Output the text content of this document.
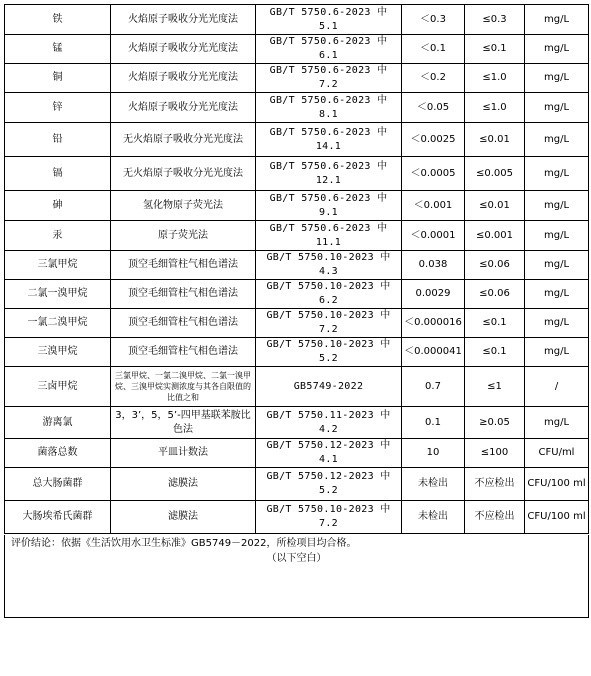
铁	火焰原子吸收分光光度法	GB/T 5750.6-2023 中 5.1	＜0.3	≤0.3	mg/L
锰	火焰原子吸收分光光度法	GB/T 5750.6-2023 中 6.1	＜0.1	≤0.1	mg/L
铜	火焰原子吸收分光光度法	GB/T 5750.6-2023 中 7.2	＜0.2	≤1.0	mg/L
锌	火焰原子吸收分光光度法	GB/T 5750.6-2023 中 8.1	＜0.05	≤1.0	mg/L
铅	无火焰原子吸收分光光度法	GB/T 5750.6-2023 中 14.1	＜0.0025	≤0.01	mg/L
镉	无火焰原子吸收分光光度法	GB/T 5750.6-2023 中 12.1	＜0.0005	≤0.005	mg/L
砷	氢化物原子荧光法	GB/T 5750.6-2023 中 9.1	＜0.001	≤0.01	mg/L
汞	原子荧光法	GB/T 5750.6-2023 中 11.1	＜0.0001	≤0.001	mg/L
三氯甲烷	顶空毛细管柱气相色谱法	GB/T 5750.10-2023 中 4.3	0.038	≤0.06	mg/L
二氯一溴甲烷	顶空毛细管柱气相色谱法	GB/T 5750.10-2023 中 6.2	0.0029	≤0.06	mg/L
一氯二溴甲烷	顶空毛细管柱气相色谱法	GB/T 5750.10-2023 中 7.2	＜0.000016	≤0.1	mg/L
三溴甲烷	顶空毛细管柱气相色谱法	GB/T 5750.10-2023 中 5.2	＜0.000041	≤0.1	mg/L
三卤甲烷	三氯甲烷、一氯二溴甲烷、二氯一溴甲烷、三溴甲烷实测浓度与其各自限值的比值之和	GB5749-2022	0.7	≤1	/
游离氯	3，3’，5，5’-四甲基联苯胺比色法	GB/T 5750.11-2023 中 4.2	0.1	≥0.05	mg/L
菌落总数	平皿计数法	GB/T 5750.12-2023 中 4.1	10	≤100	CFU/ml
总大肠菌群	滤膜法	GB/T 5750.12-2023 中 5.2	未检出	不应检出	CFU/100 ml
大肠埃希氏菌群	滤膜法	GB/T 5750.10-2023 中 7.2	未检出	不应检出	CFU/100 ml
评价结论：依据《生活饮用水卫生标准》GB5749－2022，所检项目均合格。
（以下空白）
